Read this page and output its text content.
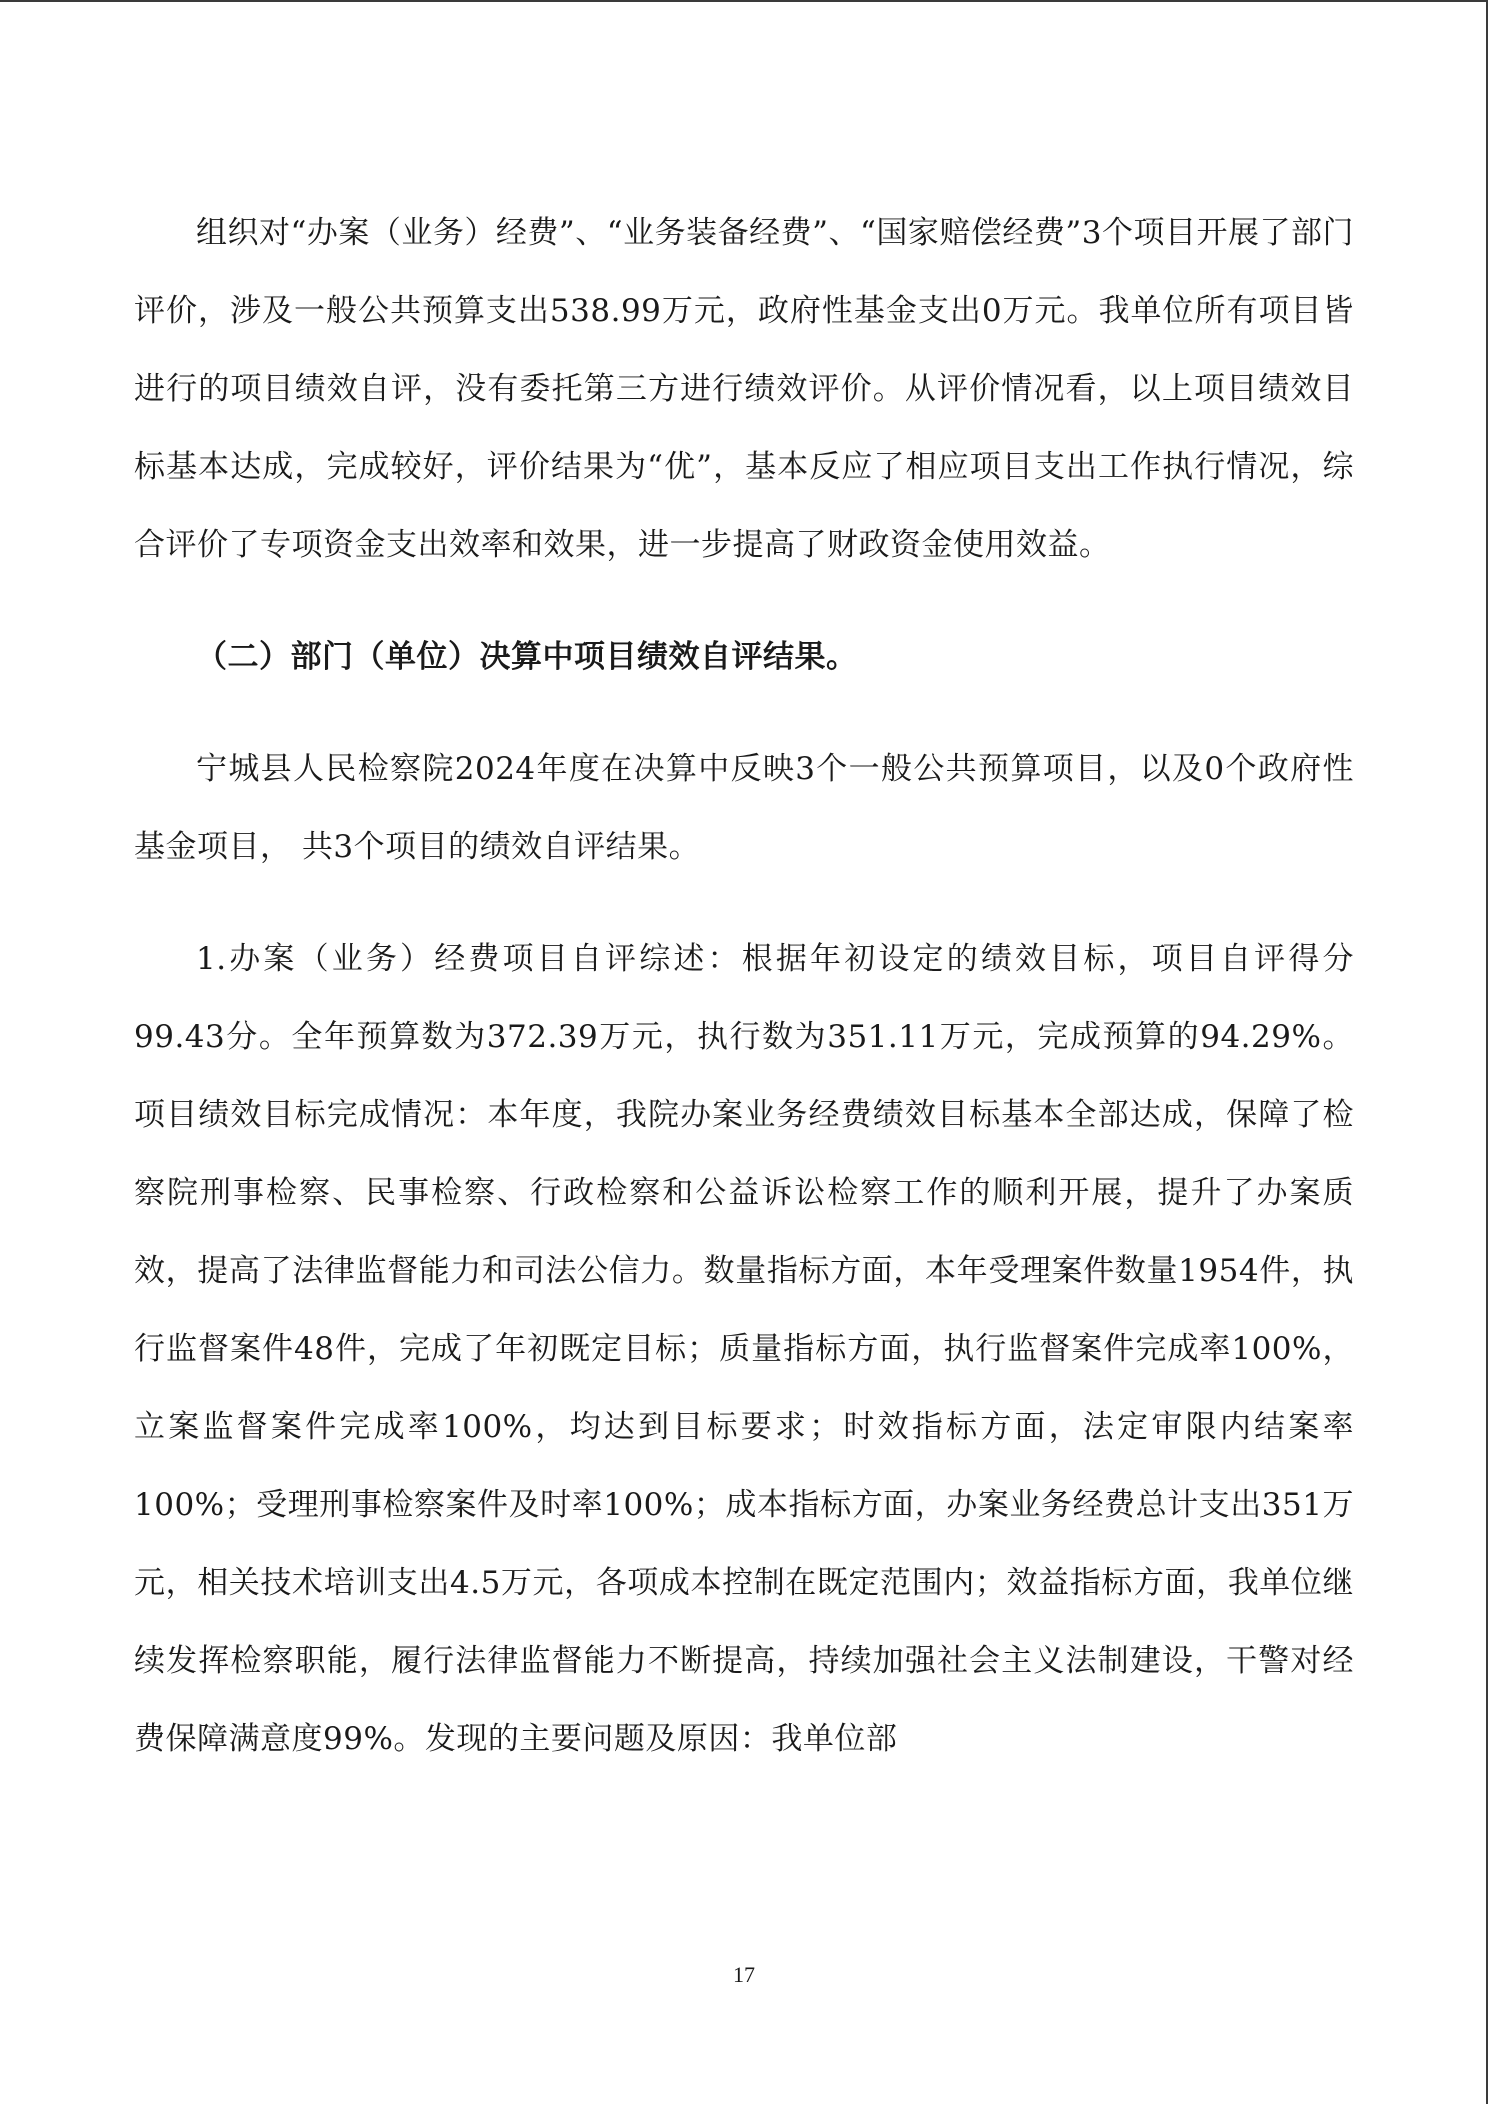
组织对“办案（业务）经费”、“业务装备经费”、“国家赔偿经费”3个项目开展了部门评价，涉及一般公共预算支出538.99万元，政府性基金支出0万元。我单位所有项目皆进行的项目绩效自评，没有委托第三方进行绩效评价。从评价情况看，以上项目绩效目标基本达成，完成较好，评价结果为“优”，基本反应了相应项目支出工作执行情况，综合评价了专项资金支出效率和效果，进一步提高了财政资金使用效益。

（二）部门（单位）决算中项目绩效自评结果。

宁城县人民检察院2024年度在决算中反映3个一般公共预算项目，以及0个政府性基金项目， 共3个项目的绩效自评结果。

1.办案（业务）经费项目自评综述：根据年初设定的绩效目标，项目自评得分99.43分。全年预算数为372.39万元，执行数为351.11万元，完成预算的94.29%。项目绩效目标完成情况：本年度，我院办案业务经费绩效目标基本全部达成，保障了检察院刑事检察、民事检察、行政检察和公益诉讼检察工作的顺利开展，提升了办案质效，提高了法律监督能力和司法公信力。数量指标方面，本年受理案件数量1954件，执行监督案件48件，完成了年初既定目标；质量指标方面，执行监督案件完成率100%，立案监督案件完成率100%，均达到目标要求；时效指标方面，法定审限内结案率100%；受理刑事检察案件及时率100%；成本指标方面，办案业务经费总计支出351万元，相关技术培训支出4.5万元，各项成本控制在既定范围内；效益指标方面，我单位继续发挥检察职能，履行法律监督能力不断提高，持续加强社会主义法制建设，干警对经费保障满意度99%。发现的主要问题及原因：我单位部

17
